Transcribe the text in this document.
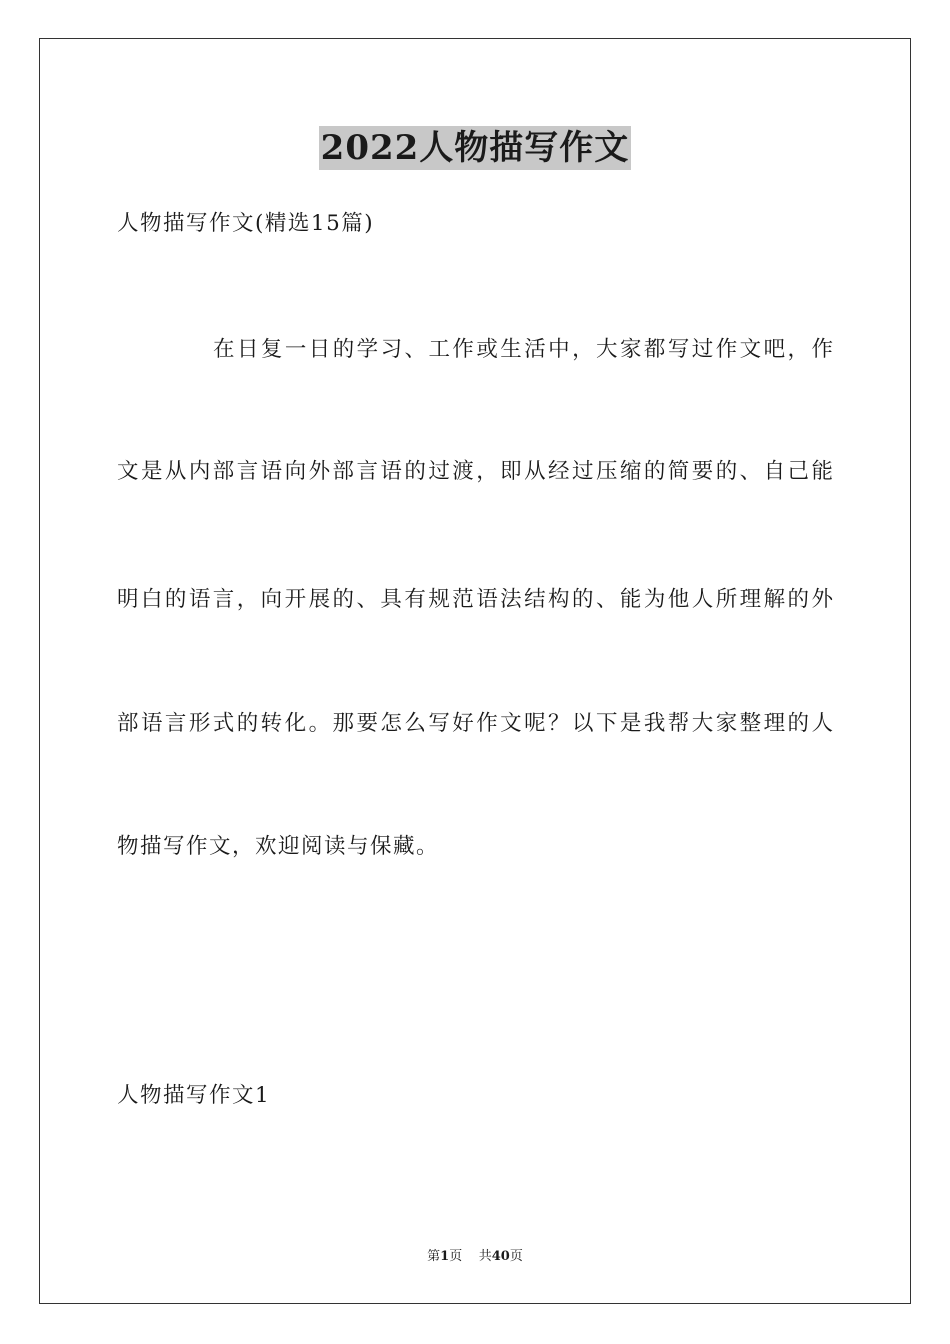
2022人物描写作文
人物描写作文(精选15篇)
在日复一日的学习、工作或生活中，大家都写过作文吧，作
文是从内部言语向外部言语的过渡，即从经过压缩的简要的、自己能
明白的语言，向开展的、具有规范语法结构的、能为他人所理解的外
部语言形式的转化。那要怎么写好作文呢？以下是我帮大家整理的人
物描写作文，欢迎阅读与保藏。
人物描写作文1
第1页 共40页
